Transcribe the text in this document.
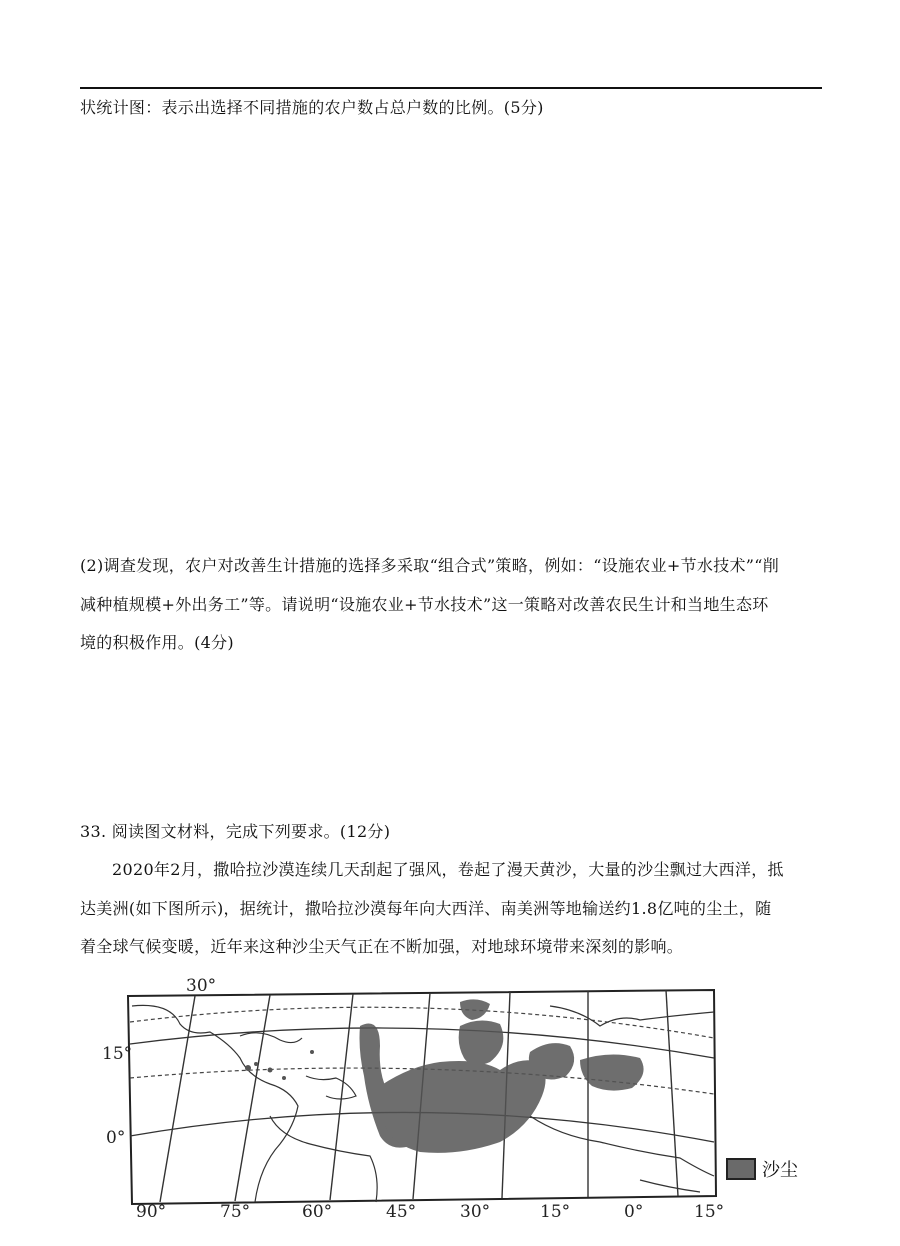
状统计图：表示出选择不同措施的农户数占总户数的比例。(5分)
(2)调查发现，农户对改善生计措施的选择多采取“组合式”策略，例如：“设施农业+节水技术”“削
减种植规模+外出务工”等。请说明“设施农业+节水技术”这一策略对改善农民生计和当地生态环
境的积极作用。(4分)
33. 阅读图文材料，完成下列要求。(12分)
2020年2月，撒哈拉沙漠连续几天刮起了强风，卷起了漫天黄沙，大量的沙尘飘过大西洋，抵
达美洲(如下图所示)，据统计，撒哈拉沙漠每年向大西洋、南美洲等地输送约1.8亿吨的尘土，随
着全球气候变暖，近年来这种沙尘天气正在不断加强，对地球环境带来深刻的影响。
30°
15°
0°
90°	75°	60°	45°	30°	15°	0°	15°
沙尘
